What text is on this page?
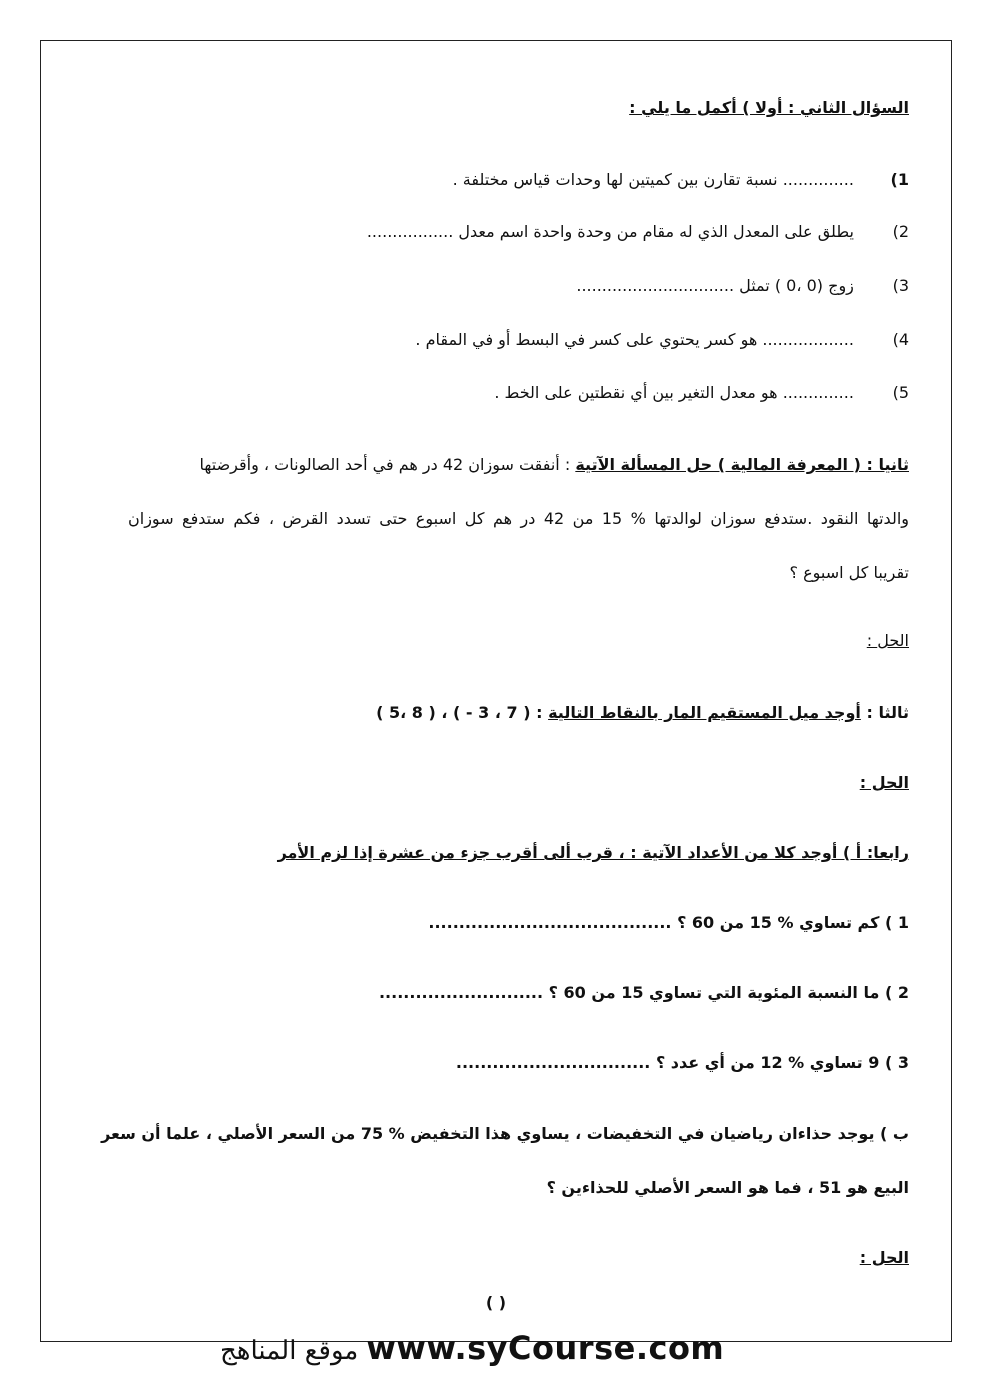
السؤال الثاني : أولا ) أكمل ما يلي :
1) .............. نسبة تقارن بين كميتين لها وحدات قياس مختلفة .
2) يطلق على المعدل الذي له مقام من وحدة واحدة اسم معدل .................
3) زوج (0 ،0 ) تمثل ...............................
4) .................. هو كسر يحتوي على كسر في البسط أو في المقام .
5) .............. هو معدل التغير بين أي نقطتين على الخط .
ثانيا : ( المعرفة المالية ) حل المسألة الآتية : أنفقت سوزان 42 در هم في أحد الصالونات ، وأقرضتها
والدتها النقود .ستدفع سوزان لوالدتها % 15 من 42 در هم كل اسبوع حتى تسدد القرض ، فكم ستدفع سوزان
تقريبا كل اسبوع ؟
الحل :
ثالثا : أوجد ميل المستقيم المار بالنقاط التالية : ( 7 ، 3 - ) ، ( 8 ،5 )
الحل :
رابعا: أ ) أوجد كلا من الأعداد الآتية : ، قرب ألى أقرب جزء من عشرة إذا لزم الأمر
1 ) كم تساوي % 15 من 60 ؟ ........................................
2 ) ما النسبة المئوية التي تساوي 15 من 60 ؟ ...........................
3 ) 9 تساوي % 12 من أي عدد ؟ ................................
ب ) يوجد حذاءان رياضيان في التخفيضات ، يساوي هذا التخفيض % 75 من السعر الأصلي ، علما أن سعر
البيع هو 51 ، فما هو السعر الأصلي للحذاءين ؟
الحل :
( )
موقع المناهج www.syCourse.com
